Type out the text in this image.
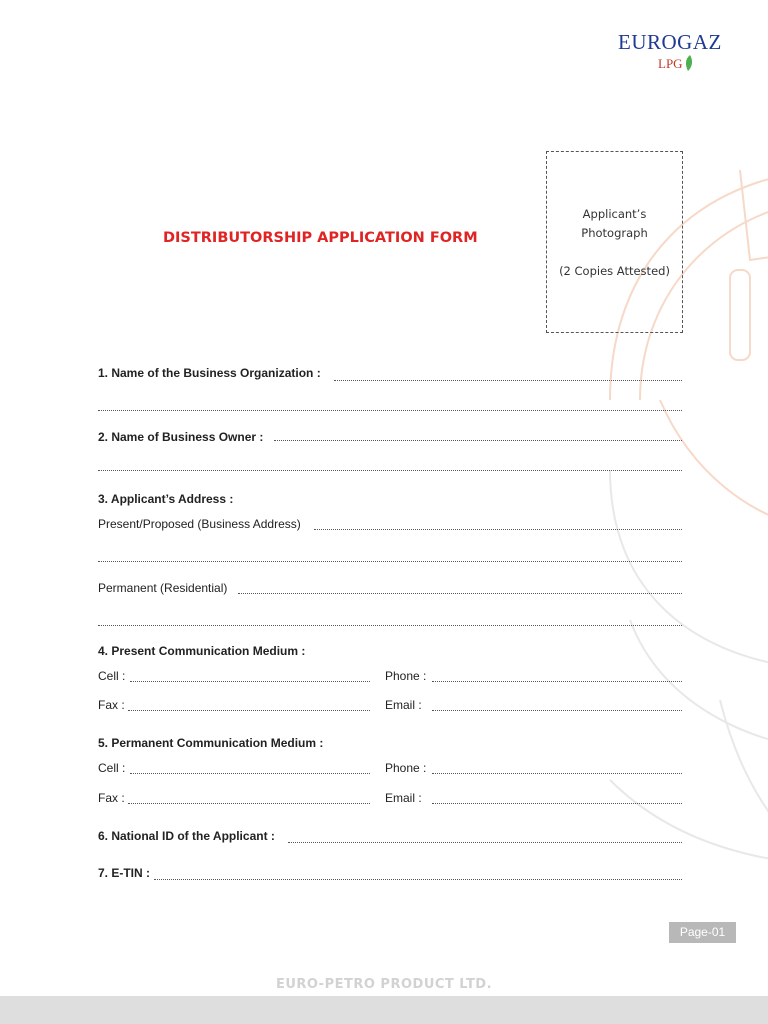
EUROGAZ
LPG
DISTRIBUTORSHIP APPLICATION FORM
Applicant’s
Photograph
(2 Copies Attested)
1. Name of the Business Organization :
2. Name of Business Owner :
3. Applicant’s Address :
Present/Proposed (Business Address)
Permanent (Residential)
4. Present Communication Medium :
Cell :	Phone :
Fax :	Email :
5. Permanent Communication Medium :
Cell :	Phone :
Fax :	Email :
6. National ID of the Applicant :
7. E-TIN :
Page-01
EURO-PETRO PRODUCT LTD.
